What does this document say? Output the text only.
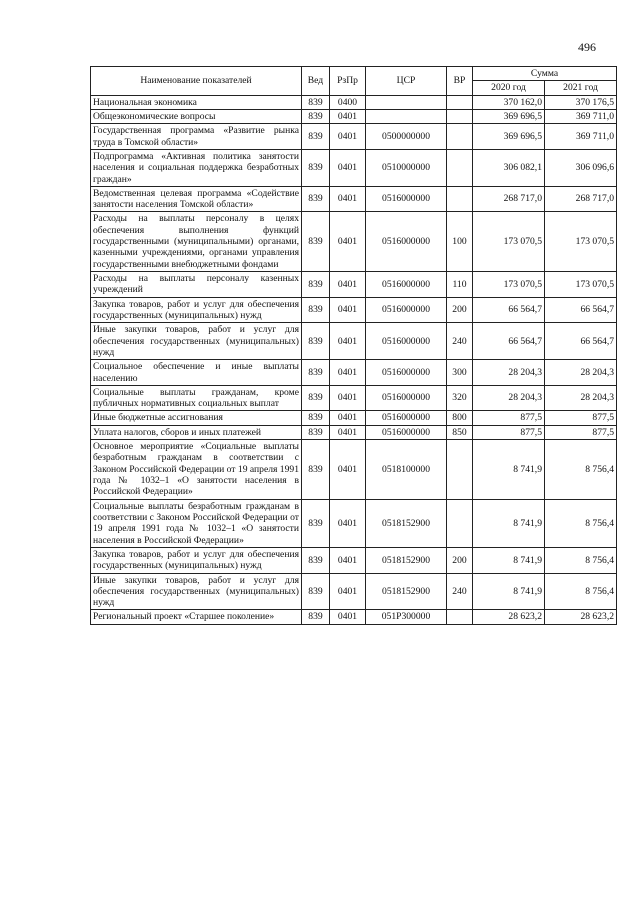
496
Наименование показателей	Вед	РзПр	ЦСР	ВР	Сумма	
					2020 год	2021 год
Национальная экономика	839	0400			370 162,0	370 176,5
Общеэкономические вопросы	839	0401			369 696,5	369 711,0
Государственная программа «Развитие рынка труда в Томской области»	839	0401	0500000000		369 696,5	369 711,0
Подпрограмма «Активная политика занятости населения и социальная поддержка безработных граждан»	839	0401	0510000000		306 082,1	306 096,6
Ведомственная целевая программа «Содействие занятости населения Томской области»	839	0401	0516000000		268 717,0	268 717,0
Расходы на выплаты персоналу в целях обеспечения выполнения функций государственными (муниципальными) органами, казенными учреждениями, органами управления государственными внебюджетными фондами	839	0401	0516000000	100	173 070,5	173 070,5
Расходы на выплаты персоналу казенных учреждений	839	0401	0516000000	110	173 070,5	173 070,5
Закупка товаров, работ и услуг для обеспечения государственных (муниципальных) нужд	839	0401	0516000000	200	66 564,7	66 564,7
Иные закупки товаров, работ и услуг для обеспечения государственных (муниципальных) нужд	839	0401	0516000000	240	66 564,7	66 564,7
Социальное обеспечение и иные выплаты населению	839	0401	0516000000	300	28 204,3	28 204,3
Социальные выплаты гражданам, кроме публичных нормативных социальных выплат	839	0401	0516000000	320	28 204,3	28 204,3
Иные бюджетные ассигнования	839	0401	0516000000	800	877,5	877,5
Уплата налогов, сборов и иных платежей	839	0401	0516000000	850	877,5	877,5
Основное мероприятие «Социальные выплаты безработным гражданам в соответствии с Законом Российской Федерации от 19 апреля 1991 года № 1032–1 «О занятости населения в Российской Федерации»	839	0401	0518100000		8 741,9	8 756,4
Социальные выплаты безработным гражданам в соответствии с Законом Российской Федерации от 19 апреля 1991 года № 1032–1 «О занятости населения в Российской Федерации»	839	0401	0518152900		8 741,9	8 756,4
Закупка товаров, работ и услуг для обеспечения государственных (муниципальных) нужд	839	0401	0518152900	200	8 741,9	8 756,4
Иные закупки товаров, работ и услуг для обеспечения государственных (муниципальных) нужд	839	0401	0518152900	240	8 741,9	8 756,4
Региональный проект «Старшее поколение»	839	0401	051P300000		28 623,2	28 623,2
